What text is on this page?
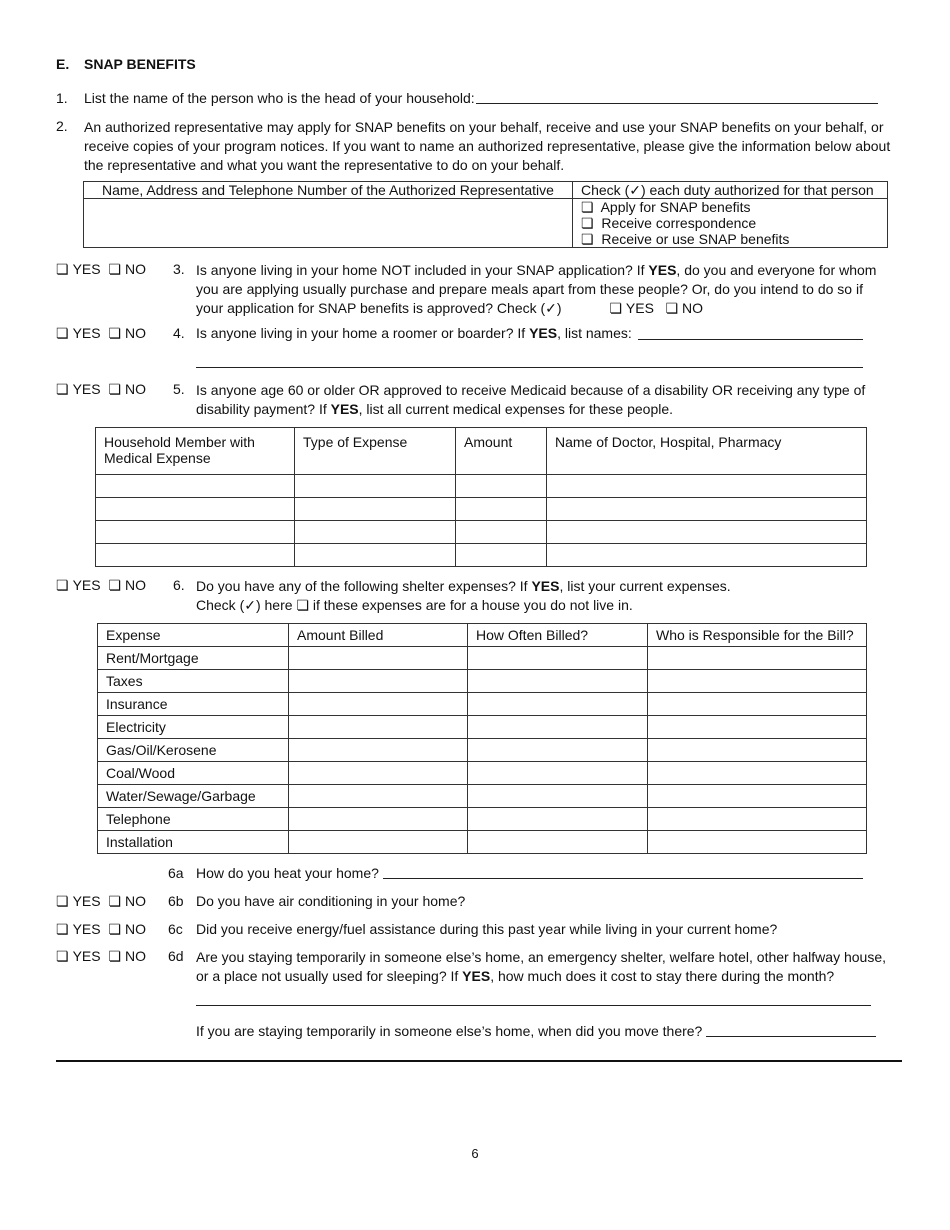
E. SNAP BENEFITS
1. List the name of the person who is the head of your household:
2. An authorized representative may apply for SNAP benefits on your behalf, receive and use your SNAP benefits on your behalf, or
receive copies of your program notices. If you want to name an authorized representative, please give the information below about
the representative and what you want the representative to do on your behalf.
Name, Address and Telephone Number of the Authorized Representative	Check (✓) each duty authorized for that person

	❏ Apply for SNAP benefits
❏ Receive correspondence
❏ Receive or use SNAP benefits
❏ YES ❏ NO 3. Is anyone living in your home NOT included in your SNAP application? If YES, do you and everyone for whom
you are applying usually purchase and prepare meals apart from these people? Or, do you intend to do so if
your application for SNAP benefits is approved? Check (✓)	❏ YES ❏ NO
❏ YES ❏ NO 4. Is anyone living in your home a roomer or boarder? If YES, list names:
❏ YES ❏ NO 5. Is anyone age 60 or older OR approved to receive Medicaid because of a disability OR receiving any type of
disability payment? If YES, list all current medical expenses for these people.
Household Member with
Medical Expense	Type of Expense	Amount	Name of Doctor, Hospital, Pharmacy

❏ YES ❏ NO 6. Do you have any of the following shelter expenses? If YES, list your current expenses.
Check (✓) here ❏ if these expenses are for a house you do not live in.
Expense	Amount Billed	How Often Billed?	Who is Responsible for the Bill?
Rent/Mortgage			
Taxes			
Insurance			
Electricity			
Gas/Oil/Kerosene			
Coal/Wood			
Water/Sewage/Garbage			
Telephone			
Installation			
6a How do you heat your home?
❏ YES ❏ NO 6b Do you have air conditioning in your home?
❏ YES ❏ NO 6c Did you receive energy/fuel assistance during this past year while living in your current home?
❏ YES ❏ NO 6d Are you staying temporarily in someone else’s home, an emergency shelter, welfare hotel, other halfway house,
or a place not usually used for sleeping? If YES, how much does it cost to stay there during the month?
If you are staying temporarily in someone else’s home, when did you move there?
6
